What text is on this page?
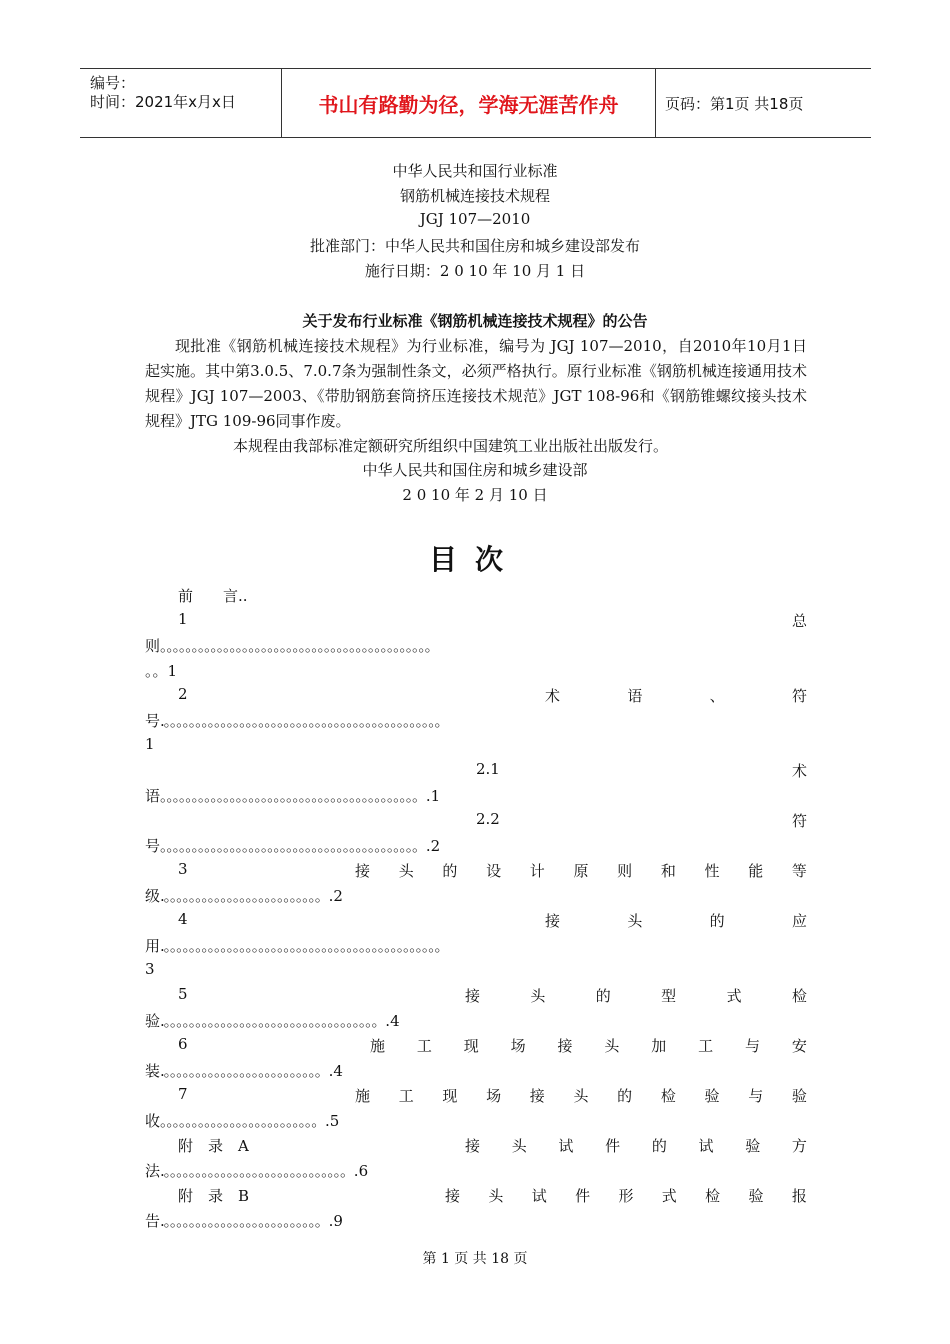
编号：
时间：2021年x月x日	书山有路勤为径，学海无涯苦作舟	页码：第1页 共18页
中华人民共和国行业标准
钢筋机械连接技术规程
JGJ 107—2010
批准部门：中华人民共和国住房和城乡建设部发布
施行日期：2 0 10 年 10 月 1 日
关于发布行业标准《钢筋机械连接技术规程》的公告
现批准《钢筋机械连接技术规程》为行业标准，编号为 JGJ 107—2010，自2010年10月1日起实施。其中第3.0.5、7.0.7条为强制性条文，必须严格执行。原行业标准《钢筋机械连接通用技术规程》JGJ 107—2003、《带肋钢筋套筒挤压连接技术规范》JGT 108-96和《钢筋锥螺纹接头技术规程》JTG 109-96同事作废。
本规程由我部标准定额研究所组织中国建筑工业出版社出版发行。
中华人民共和国住房和城乡建设部
2 0 10 年 2 月 10 日
目次
前　　言..
1	总
则。。。。。。。。。。。。。。。。。。。。。。。。。。。。。。。。。。。。。。。。。。。
。。1
2	术	语	、	符
号.。。。。。。。。。。。。。。。。。。。。。。。。。。。。。。。。。。。。。。。。。。。。
1
2.1	术
语。。。。。。。。。。。。。。。。。。。。。。。。。。。。。。。。。。。。。。。。。.1
2.2	符
号。。。。。。。。。。。。。。。。。。。。。。。。。。。。。。。。。。。。。。。。。.2
3	接 头 的 设 计 原 则 和 性 能 等
级.。。。。。。。。。。。。。。。。。。。。。。。。。.2
4	接	头	的	应
用.。。。。。。。。。。。。。。。。。。。。。。。。。。。。。。。。。。。。。。。。。。。。
3
5	接	头	的	型	式	检
验.。。。。。。。。。。。。。。。。。。。。。。。。。。。。。。。。。。.4
6	施 工 现 场 接 头 加 工 与 安
装.。。。。。。。。。。。。。。。。。。。。。。。。。.4
7	施 工 现 场 接 头 的 检 验 与 验
收。。。。。。。。。。。。。。。。。。。。。。。。。.5
附　录　A	接 头 试 件 的 试 验 方
法.。。。。。。。。。。。。。。。。。。。。。。。。。。。。。.6
附　录　B	接 头 试 件 形 式 检 验 报
告.。。。。。。。。。。。。。。。。。。。。。。。。。.9
第 1 页 共 18 页
